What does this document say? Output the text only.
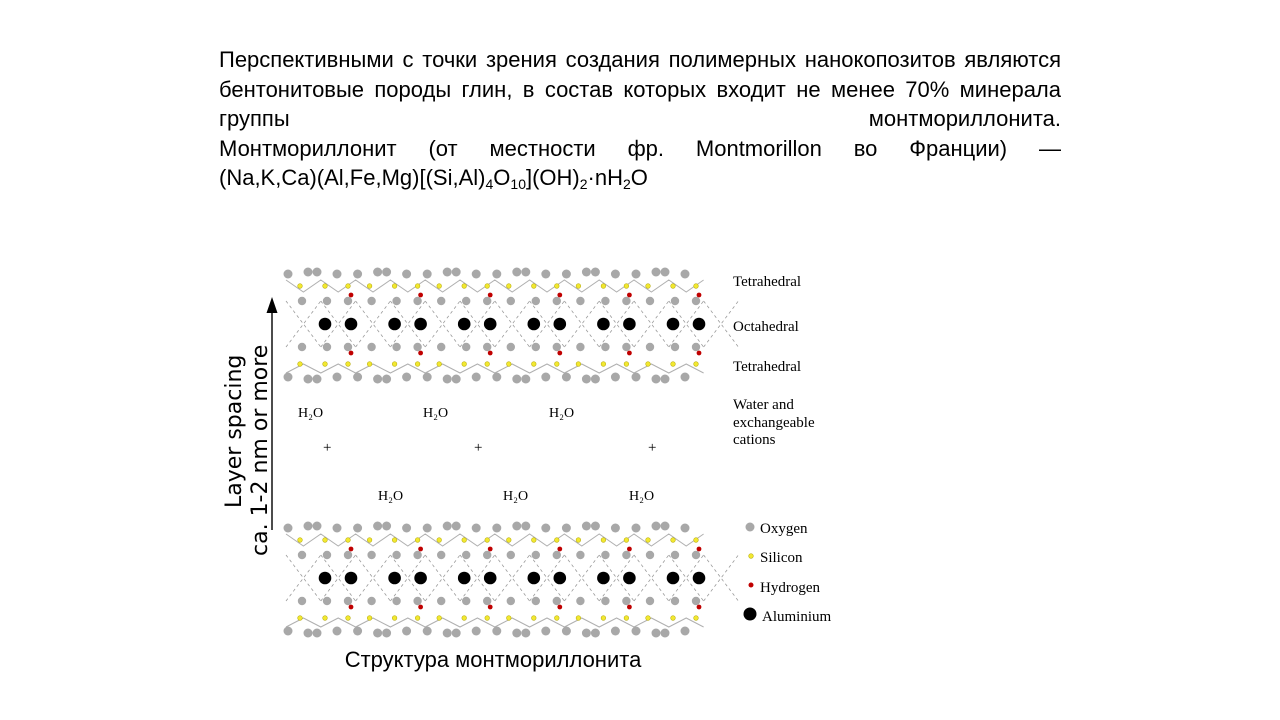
Перспективными с точки зрения создания полимерных нанокопозитов являются бентонитовые породы глин, в состав которых входит не менее 70% минерала группы монтмориллонита.

Монтмориллонит (от местности фр. Montmorillon во Франции) —

$(Na,K,Ca)(Al,Fe,Mg)[(Si,Al)_4O_{10}](OH)_2\cdot nH_2O$

Layer spacing ca. 1-2 nm or more H₂O	H₂O	H₂O
+	+	+
H₂O	H₂O	H₂O
Tetrahedral
Octahedral
Tetrahedral
Water and
exchangeable
cations
Oxygen
Silicon
Hydrogen
Aluminium
Структура монтмориллонита
